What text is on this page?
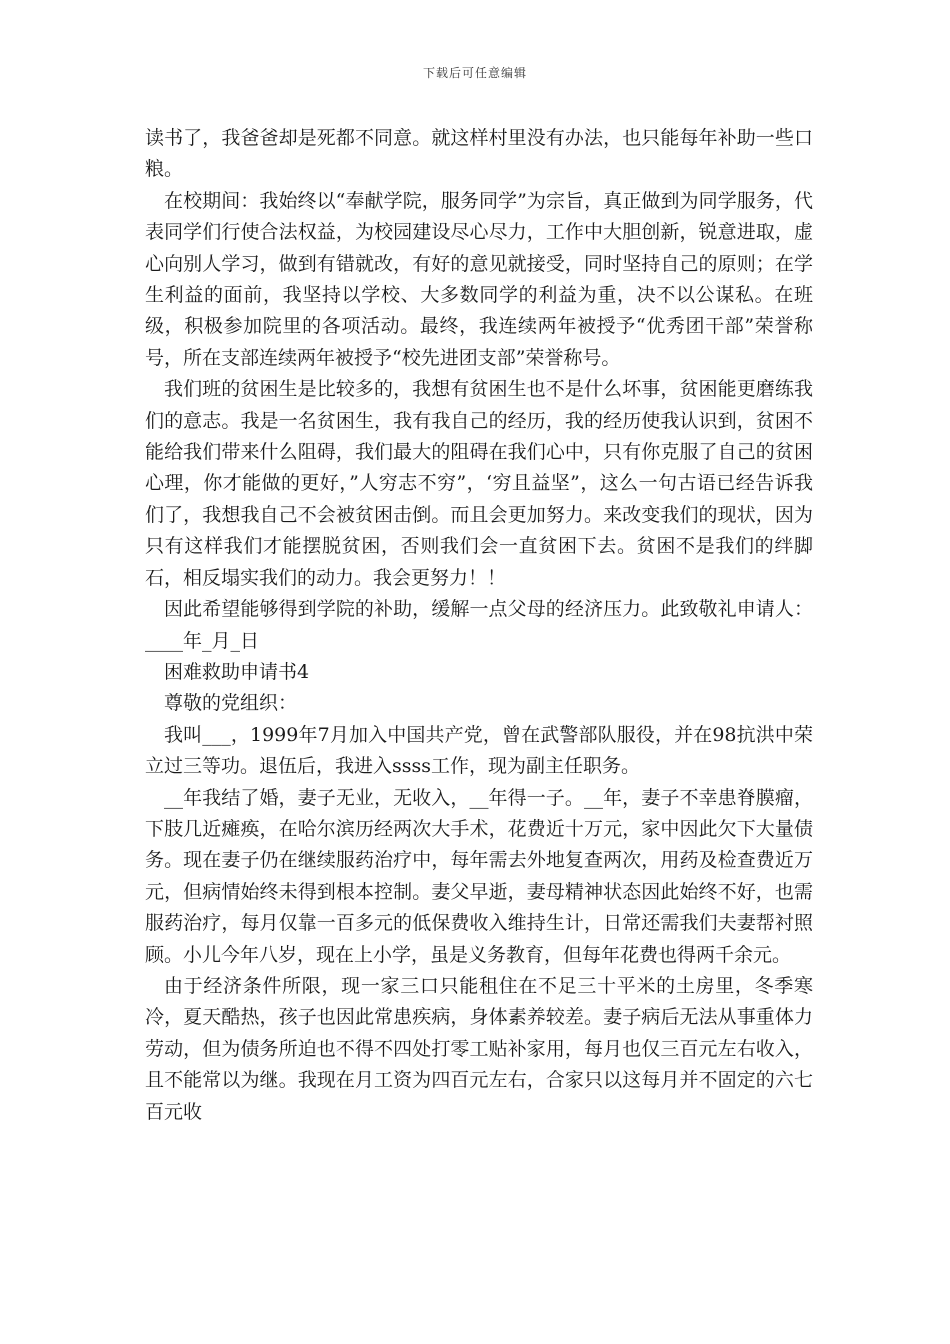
下载后可任意编辑

读书了，我爸爸却是死都不同意。就这样村里没有办法，也只能每年补助一些口粮。

在校期间：我始终以“奉献学院，服务同学”为宗旨，真正做到为同学服务，代表同学们行使合法权益，为校园建设尽心尽力，工作中大胆创新，锐意进取，虚心向别人学习，做到有错就改，有好的意见就接受，同时坚持自己的原则；在学生利益的面前，我坚持以学校、大多数同学的利益为重，决不以公谋私。在班级，积极参加院里的各项活动。最终，我连续两年被授予“优秀团干部”荣誉称号，所在支部连续两年被授予“校先进团支部”荣誉称号。

我们班的贫困生是比较多的，我想有贫困生也不是什么坏事，贫困能更磨练我们的意志。我是一名贫困生，我有我自己的经历，我的经历使我认识到，贫困不能给我们带来什么阻碍，我们最大的阻碍在我们心中，只有你克服了自己的贫困心理，你才能做的更好，”人穷志不穷”，‘穷且益坚”，这么一句古语已经告诉我们了，我想我自己不会被贫困击倒。而且会更加努力。来改变我们的现状，因为只有这样我们才能摆脱贫困，否则我们会一直贫困下去。贫困不是我们的绊脚石，相反塌实我们的动力。我会更努力！！

因此希望能够得到学院的补助，缓解一点父母的经济压力。此致敬礼申请人：____年_月_日

困难救助申请书4

尊敬的党组织：

我叫___，1999年7月加入中国共产党，曾在武警部队服役，并在98抗洪中荣立过三等功。退伍后，我进入ssss工作，现为副主任职务。

__年我结了婚，妻子无业，无收入，__年得一子。__年，妻子不幸患脊膜瘤，下肢几近瘫痪，在哈尔滨历经两次大手术，花费近十万元，家中因此欠下大量债务。现在妻子仍在继续服药治疗中，每年需去外地复查两次，用药及检查费近万元，但病情始终未得到根本控制。妻父早逝，妻母精神状态因此始终不好，也需服药治疗，每月仅靠一百多元的低保费收入维持生计，日常还需我们夫妻帮衬照顾。小儿今年八岁，现在上小学，虽是义务教育，但每年花费也得两千余元。

由于经济条件所限，现一家三口只能租住在不足三十平米的土房里，冬季寒冷，夏天酷热，孩子也因此常患疾病，身体素养较差。妻子病后无法从事重体力劳动，但为债务所迫也不得不四处打零工贴补家用，每月也仅三百元左右收入，且不能常以为继。我现在月工资为四百元左右，合家只以这每月并不固定的六七百元收
